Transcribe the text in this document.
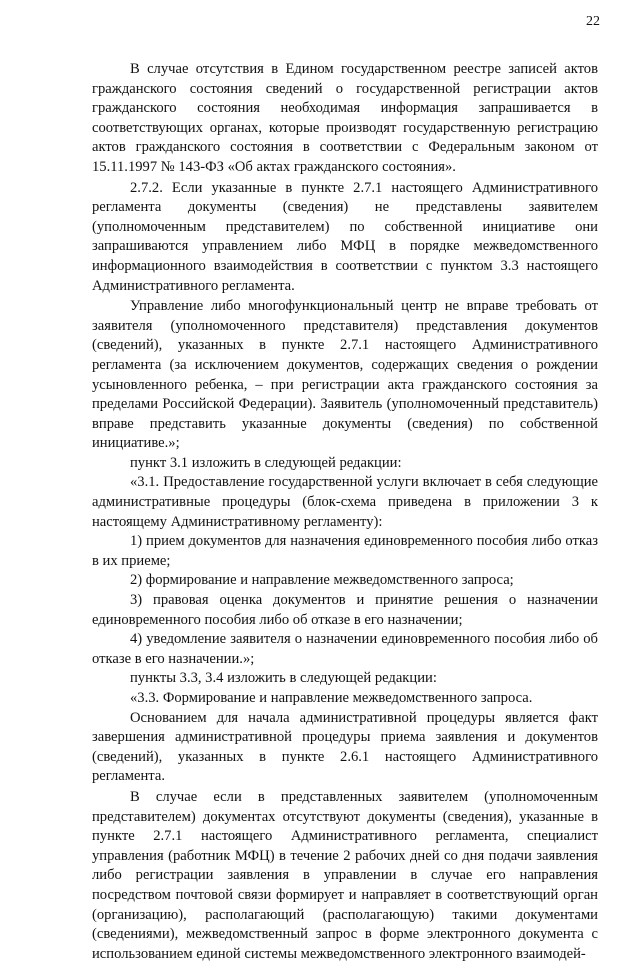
22

В случае отсутствия в Едином государственном реестре записей актов гражданского состояния сведений о государственной регистрации актов гражданского состояния необходимая информация запрашивается в соответствующих органах, которые производят государственную регистрацию актов гражданского состояния в соответствии с Федеральным законом от 15.11.1997 № 143-ФЗ «Об актах гражданского состояния».

2.7.2. Если указанные в пункте 2.7.1 настоящего Административного регламента документы (сведения) не представлены заявителем (уполномоченным представителем) по собственной инициативе они запрашиваются управлением либо МФЦ в порядке межведомственного информационного взаимодействия в соответствии с пунктом 3.3 настоящего Административного регламента.

Управление либо многофункциональный центр не вправе требовать от заявителя (уполномоченного представителя) представления документов (сведений), указанных в пункте 2.7.1 настоящего Административного регламента (за исключением документов, содержащих сведения о рождении усыновленного ребенка, – при регистрации акта гражданского состояния за пределами Российской Федерации). Заявитель (уполномоченный представитель) вправе представить указанные документы (сведения) по собственной инициативе.»;

пункт 3.1 изложить в следующей редакции:

«3.1. Предоставление государственной услуги включает в себя следующие административные процедуры (блок-схема приведена в приложении 3 к настоящему Административному регламенту):

1) прием документов для назначения единовременного пособия либо отказ в их приеме;

2) формирование и направление межведомственного запроса;

3) правовая оценка документов и принятие решения о назначении единовременного пособия либо об отказе в его назначении;

4) уведомление заявителя о назначении единовременного пособия либо об отказе в его назначении.»;

пункты 3.3, 3.4 изложить в следующей редакции:

«3.3. Формирование и направление межведомственного запроса.

Основанием для начала административной процедуры является факт завершения административной процедуры приема заявления и документов (сведений), указанных в пункте 2.6.1 настоящего Административного регламента.

В случае если в представленных заявителем (уполномоченным представителем) документах отсутствуют документы (сведения), указанные в пункте 2.7.1 настоящего Административного регламента, специалист управления (работник МФЦ) в течение 2 рабочих дней со дня подачи заявления либо регистрации заявления в управлении в случае его направления посредством почтовой связи формирует и направляет в соответствующий орган (организацию), располагающий (располагающую) такими документами (сведениями), межведомственный запрос в форме электронного документа с использованием единой системы межведомственного электронного взаимодей-
